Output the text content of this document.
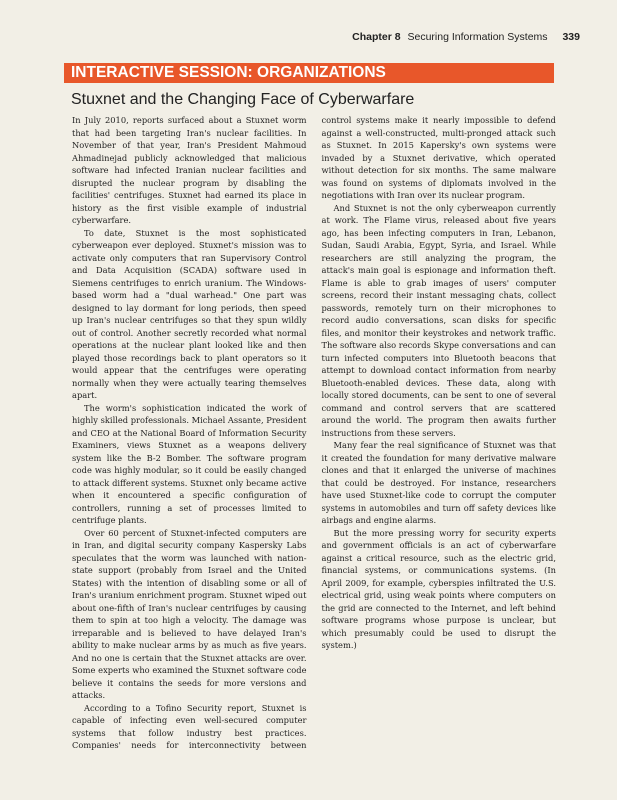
Chapter 8 Securing Information Systems 339
INTERACTIVE SESSION: ORGANIZATIONS
Stuxnet and the Changing Face of Cyberwarfare

In July 2010, reports surfaced about a Stuxnet worm that had been targeting Iran's nuclear facilities. In November of that year, Iran's President Mahmoud Ahmadinejad publicly acknowledged that malicious software had infected Iranian nuclear facilities and disrupted the nuclear program by disabling the facilities' centrifuges. Stuxnet had earned its place in history as the first visible example of industrial cyberwarfare.

To date, Stuxnet is the most sophisticated cyberweapon ever deployed. Stuxnet's mission was to activate only computers that ran Supervisory Control and Data Acquisition (SCADA) software used in Siemens centrifuges to enrich uranium. The Windows-based worm had a "dual warhead." One part was designed to lay dormant for long periods, then speed up Iran's nuclear centrifuges so that they spun wildly out of control. Another secretly recorded what normal operations at the nuclear plant looked like and then played those recordings back to plant operators so it would appear that the centrifuges were operating normally when they were actually tearing themselves apart.

The worm's sophistication indicated the work of highly skilled professionals. Michael Assante, President and CEO at the National Board of Information Security Examiners, views Stuxnet as a weapons delivery system like the B-2 Bomber. The software program code was highly modular, so it could be easily changed to attack different systems. Stuxnet only became active when it encountered a specific configuration of controllers, running a set of processes limited to centrifuge plants.

Over 60 percent of Stuxnet-infected computers are in Iran, and digital security company Kaspersky Labs speculates that the worm was launched with nation-state support (probably from Israel and the United States) with the intention of disabling some or all of Iran's uranium enrichment program. Stuxnet wiped out about one-fifth of Iran's nuclear centrifuges by causing them to spin at too high a velocity. The damage was irreparable and is believed to have delayed Iran's ability to make nuclear arms by as much as five years. And no one is certain that the Stuxnet attacks are over. Some experts who examined the Stuxnet software code believe it contains the seeds for more versions and attacks.

According to a Tofino Security report, Stuxnet is capable of infecting even well-secured computer systems that follow industry best practices. Companies' needs for interconnectivity between control systems make it nearly impossible to defend against a well-constructed, multi-pronged attack such as Stuxnet. In 2015 Kapersky's own systems were invaded by a Stuxnet derivative, which operated without detection for six months. The same malware was found on systems of diplomats involved in the negotiations with Iran over its nuclear program.

And Stuxnet is not the only cyberweapon currently at work. The Flame virus, released about five years ago, has been infecting computers in Iran, Lebanon, Sudan, Saudi Arabia, Egypt, Syria, and Israel. While researchers are still analyzing the program, the attack's main goal is espionage and information theft. Flame is able to grab images of users' computer screens, record their instant messaging chats, collect passwords, remotely turn on their microphones to record audio conversations, scan disks for specific files, and monitor their keystrokes and network traffic. The software also records Skype conversations and can turn infected computers into Bluetooth beacons that attempt to download contact information from nearby Bluetooth-enabled devices. These data, along with locally stored documents, can be sent to one of several command and control servers that are scattered around the world. The program then awaits further instructions from these servers.

Many fear the real significance of Stuxnet was that it created the foundation for many derivative malware clones and that it enlarged the universe of machines that could be destroyed. For instance, researchers have used Stuxnet-like code to corrupt the computer systems in automobiles and turn off safety devices like airbags and engine alarms.

But the more pressing worry for security experts and government officials is an act of cyberwarfare against a critical resource, such as the electric grid, financial systems, or communications systems. (In April 2009, for example, cyberspies infiltrated the U.S. electrical grid, using weak points where computers on the grid are connected to the Internet, and left behind software programs whose purpose is unclear, but which presumably could be used to disrupt the system.)
